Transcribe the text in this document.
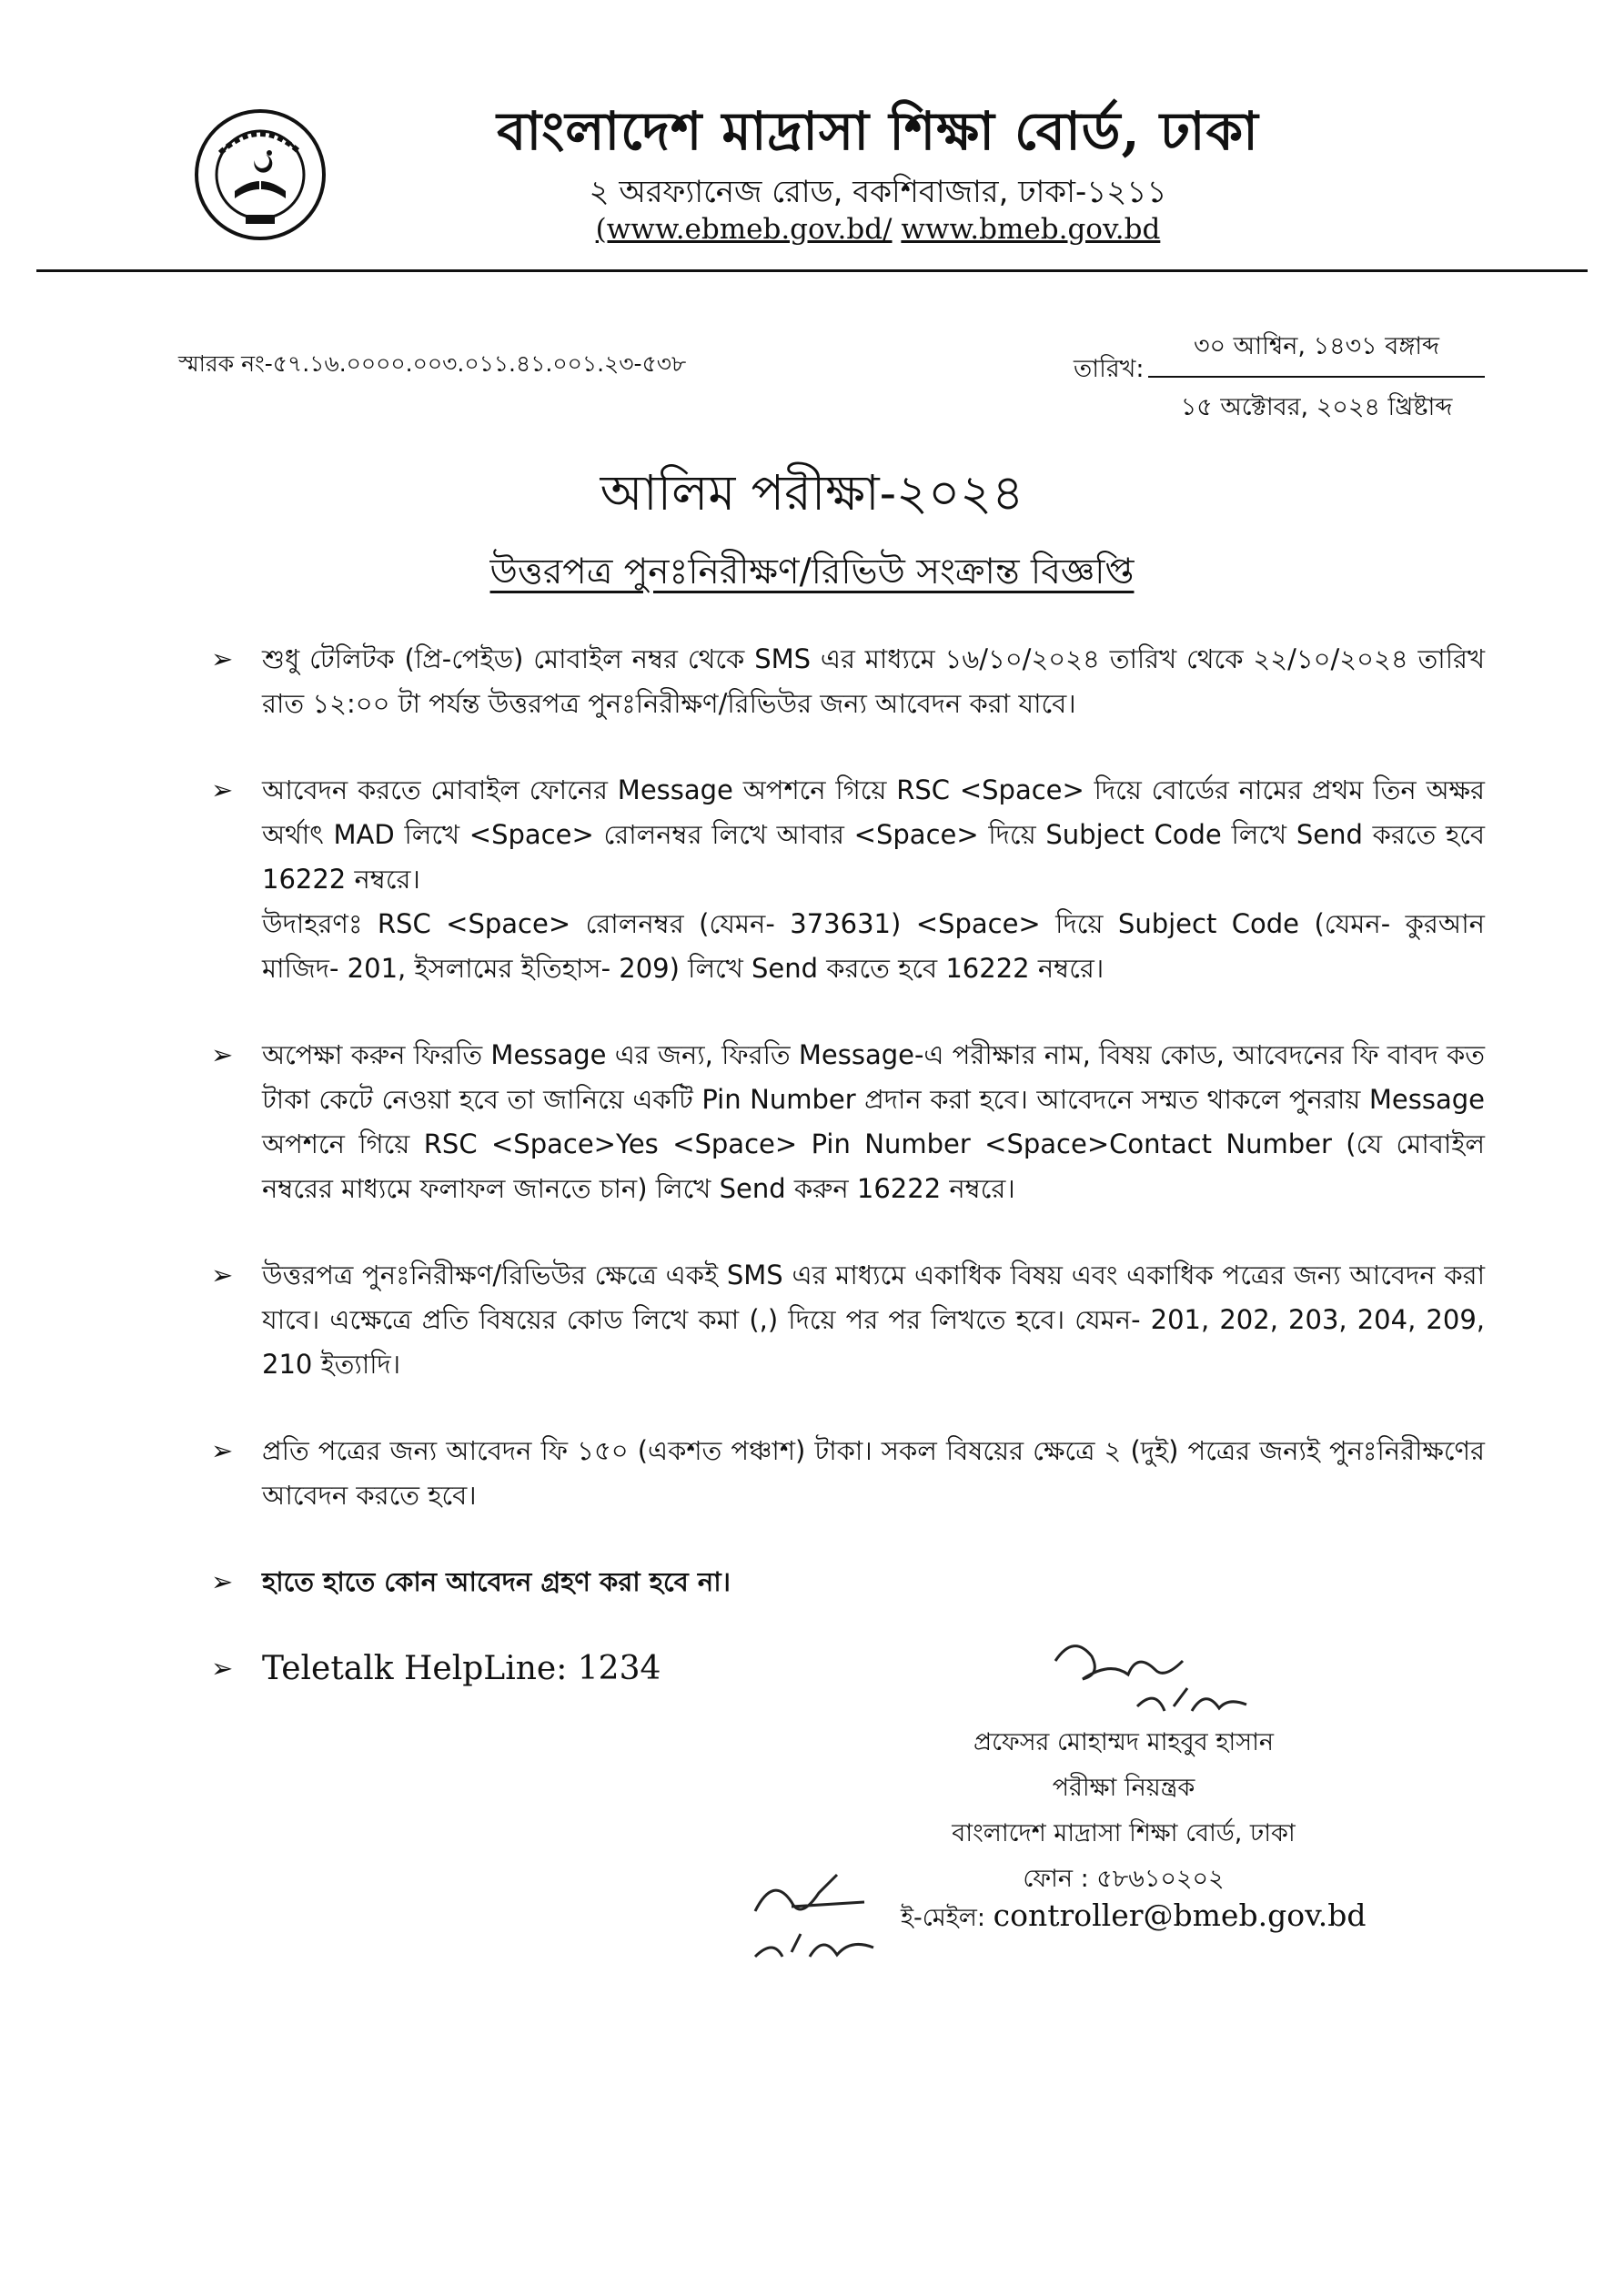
বাংলাদেশ মাদ্রাসা শিক্ষা বোর্ড, ঢাকা
২ অরফ্যানেজ রোড, বকশিবাজার, ঢাকা-১২১১
(www.ebmeb.gov.bd/ www.bmeb.gov.bd
স্মারক নং-৫৭.১৬.০০০০.০০৩.০১১.৪১.০০১.২৩-৫৩৮	তারিখ:
৩০ আশ্বিন, ১৪৩১ বঙ্গাব্দ
১৫ অক্টোবর, ২০২৪ খ্রিষ্টাব্দ
আলিম পরীক্ষা-২০২৪
উত্তরপত্র পুনঃনিরীক্ষণ/রিভিউ সংক্রান্ত বিজ্ঞপ্তি
➢ শুধু টেলিটক (প্রি-পেইড) মোবাইল নম্বর থেকে SMS এর মাধ্যমে ১৬/১০/২০২৪ তারিখ থেকে ২২/১০/২০২৪ তারিখ রাত ১২:০০ টা পর্যন্ত উত্তরপত্র পুনঃনিরীক্ষণ/রিভিউর জন্য আবেদন করা যাবে।
➢ আবেদন করতে মোবাইল ফোনের Message অপশনে গিয়ে RSC <Space> দিয়ে বোর্ডের নামের প্রথম তিন অক্ষর অর্থাৎ MAD লিখে <Space> রোলনম্বর লিখে আবার <Space> দিয়ে Subject Code লিখে Send করতে হবে 16222 নম্বরে।
উদাহরণঃ RSC <Space> রোলনম্বর (যেমন- 373631) <Space> দিয়ে Subject Code (যেমন- কুরআন মাজিদ- 201, ইসলামের ইতিহাস- 209) লিখে Send করতে হবে 16222 নম্বরে।
➢ অপেক্ষা করুন ফিরতি Message এর জন্য, ফিরতি Message-এ পরীক্ষার নাম, বিষয় কোড, আবেদনের ফি বাবদ কত টাকা কেটে নেওয়া হবে তা জানিয়ে একটি Pin Number প্রদান করা হবে। আবেদনে সম্মত থাকলে পুনরায় Message অপশনে গিয়ে RSC <Space>Yes <Space> Pin Number <Space>Contact Number (যে মোবাইল নম্বরের মাধ্যমে ফলাফল জানতে চান) লিখে Send করুন 16222 নম্বরে।
➢ উত্তরপত্র পুনঃনিরীক্ষণ/রিভিউর ক্ষেত্রে একই SMS এর মাধ্যমে একাধিক বিষয় এবং একাধিক পত্রের জন্য আবেদন করা যাবে। এক্ষেত্রে প্রতি বিষয়ের কোড লিখে কমা (,) দিয়ে পর পর লিখতে হবে। যেমন- 201, 202, 203, 204, 209, 210 ইত্যাদি।
➢ প্রতি পত্রের জন্য আবেদন ফি ১৫০ (একশত পঞ্চাশ) টাকা। সকল বিষয়ের ক্ষেত্রে ২ (দুই) পত্রের জন্যই পুনঃনিরীক্ষণের আবেদন করতে হবে।
➢ হাতে হাতে কোন আবেদন গ্রহণ করা হবে না।
➢ Teletalk HelpLine: 1234
প্রফেসর মোহাম্মদ মাহবুব হাসান
পরীক্ষা নিয়ন্ত্রক
বাংলাদেশ মাদ্রাসা শিক্ষা বোর্ড, ঢাকা
ফোন : ৫৮৬১০২০২
ই-মেইল: controller@bmeb.gov.bd
